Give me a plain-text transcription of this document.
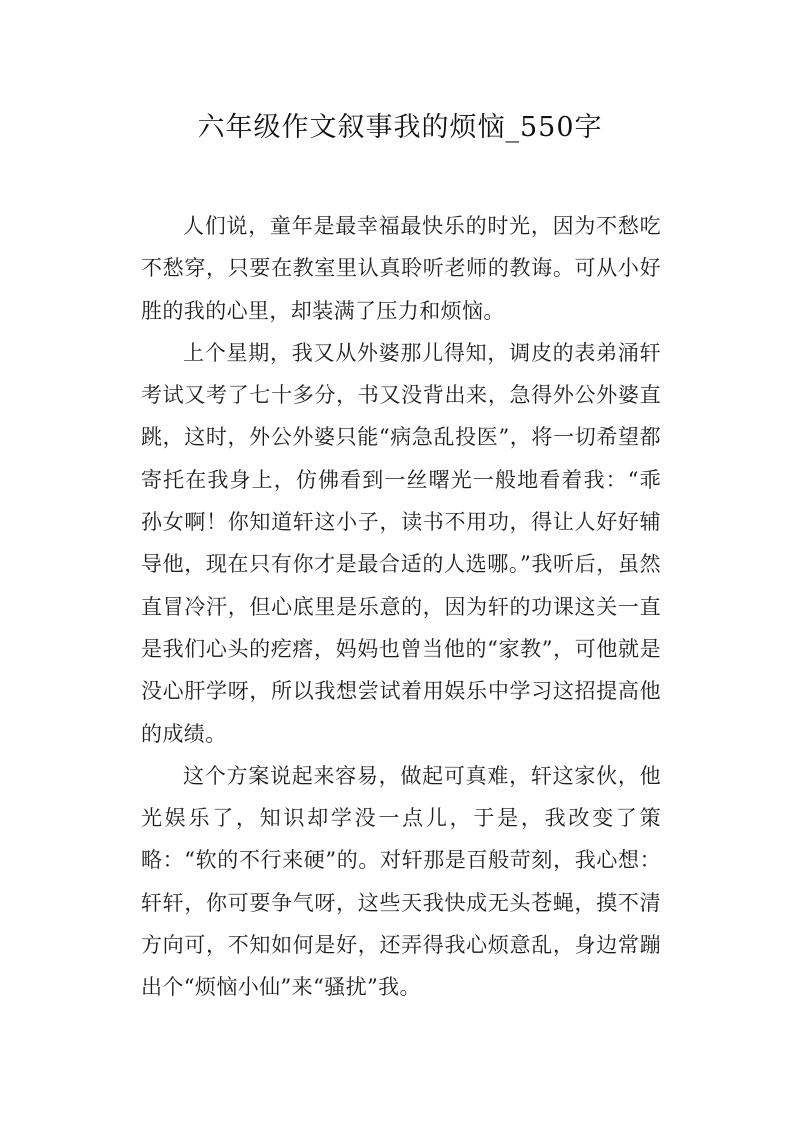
六年级作文叙事我的烦恼_550字

人们说，童年是最幸福最快乐的时光，因为不愁吃不愁穿，只要在教室里认真聆听老师的教诲。可从小好胜的我的心里，却装满了压力和烦恼。

上个星期，我又从外婆那儿得知，调皮的表弟涌轩考试又考了七十多分，书又没背出来，急得外公外婆直跳，这时，外公外婆只能“病急乱投医”，将一切希望都寄托在我身上，仿佛看到一丝曙光一般地看着我：“乖孙女啊！你知道轩这小子，读书不用功，得让人好好辅导他，现在只有你才是最合适的人选哪。”我听后，虽然直冒冷汗，但心底里是乐意的，因为轩的功课这关一直是我们心头的疙瘩，妈妈也曾当他的“家教”，可他就是没心肝学呀，所以我想尝试着用娱乐中学习这招提高他的成绩。

这个方案说起来容易，做起可真难，轩这家伙，他光娱乐了，知识却学没一点儿，于是，我改变了策略：“软的不行来硬”的。对轩那是百般苛刻，我心想：轩轩，你可要争气呀，这些天我快成无头苍蝇，摸不清方向可，不知如何是好，还弄得我心烦意乱，身边常蹦出个“烦恼小仙”来“骚扰”我。
